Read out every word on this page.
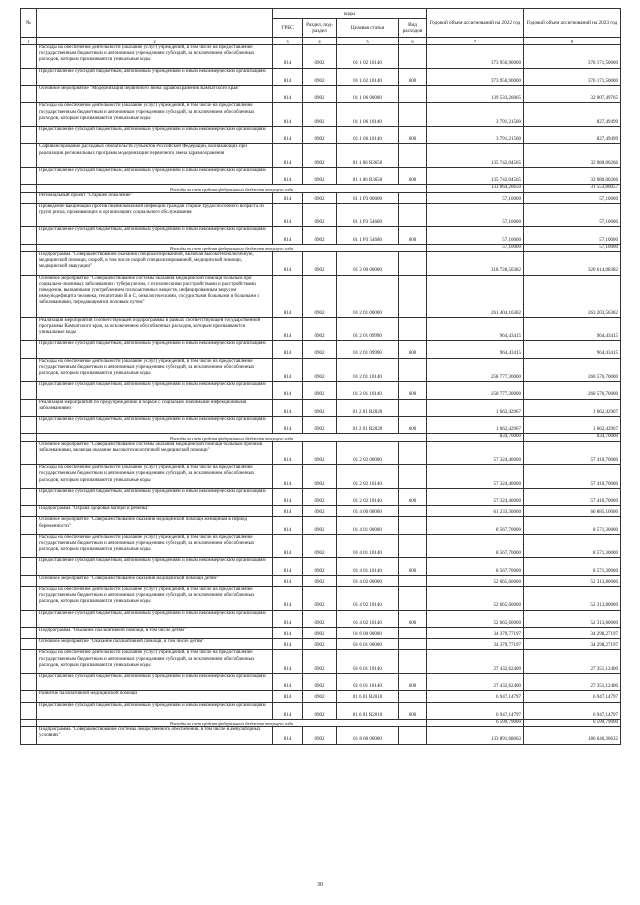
№		коды				Годовой объем ассигнований на 2022 год	Годовой объем ассигнований на 2023 год
		ГРБС	Раздел, под-раздел	Целевая статья	Вид расходов		
1	2	3	4	5	6	7	8
	Расходы на обеспечение деятельности (оказание услуг) учреждений, в том числе на предоставление государственным бюджетным и автономным учреждениям субсидий, за исключением обособленных расходов, которым присваиваются уникальные коды	814	0902	01 1 02 10140		373 956,90000	376 171,50000
	Предоставление субсидий бюджетным, автономным учреждениям и иным некоммерческим организациям	814	0902	01 1 02 10140	600	373 956,90000	376 171,50000
	Основное мероприятие "Модернизация первичного звена здравоохранения Камчатского края"	814	0902	01 1 06 00000		139 533,26065	32 907,49765
	Расходы на обеспечение деятельности (оказание услуг) учреждений, в том числе на предоставление государственным бюджетным и автономным учреждениям субсидий, за исключением обособленных расходов, которым присваиваются уникальные коды	814	0902	01 1 06 10140		3 791,21500	827,49499
	Предоставление субсидий бюджетным, автономным учреждениям и иным некоммерческим организациям	814	0902	01 1 06 10140	600	3 791,21500	827,49499
	Софинансирование расходных обязательств субъектов Российской Федерации, возникающих при реализации региональных программ модернизации первичного звена здравоохранения	814	0902	01 1 06 R3650		135 742,04565	32 080,00266
	Предоставление субсидий бюджетным, автономным учреждениям и иным некоммерческим организациям	814	0902	01 1 06 R3650	600	135 742,04565	32 080,00266
	Расходы за счет средств федерального бюджета текущего года					133 064,20650	31 553,80057
	Региональный проект "Старшее поколение"	814	0902	01 1 P3 00000		57,10000	57,10000
	Проведение вакцинации против пневмококковой инфекции граждан старше трудоспособного возраста из групп риска, проживающих в организациях социального обслуживания	814	0902	01 1 P3 54680		57,10000	57,10000
	Предоставление субсидий бюджетным, автономным учреждениям и иным некоммерческим организациям	814	0902	01 1 P3 54680	600	57,10000	57,10000
	Расходы за счет средств федерального бюджета текущего года					57,10000	57,10000
	Подпрограмма "Совершенствование оказания специализированной, включая высокотехнологичную, медицинской помощи, скорой, в том числе скорой специализированной, медицинской помощи, медицинской эвакуации"	814	0902	01 2 00 00000		318 728,56382	320 614,08382
	Основное мероприятие "Совершенствование системы оказания медицинской помощи больным при социально-значимых заболеваниях: туберкулезом, с психическими расстройствами и расстройствами поведения, вызванными употреблением психоактивных веществ, инфицированным вирусом иммунодефицита человека, гепатитами В и С, онкологическими, сосудистыми больными и больными с заболеваниями, передающимися половым путем"	814	0902	01 2 01 00000		261 404,16382	263 203,56382
	Реализация мероприятий соответствующей подпрограммы в рамках соответствующей государственной программы Камчатского края, за исключением обособленных расходов, которым присваиваются уникальные коды	814	0902	01 2 01 09990		964,43415	964,43415
	Предоставление субсидий бюджетным, автономным учреждениям и иным некоммерческим организациям	814	0902	01 2 01 09990	600	964,43415	964,43415
	Расходы на обеспечение деятельности (оказание услуг) учреждений, в том числе на предоставление государственным бюджетным и автономным учреждениям субсидий, за исключением обособленных расходов, которым присваиваются уникальные коды	814	0902	01 2 01 10140		258 777,30000	260 576,70000
	Предоставление субсидий бюджетным, автономным учреждениям и иным некоммерческим организациям	814	0902	01 2 01 10140	600	258 777,30000	260 576,70000
	Реализация мероприятий по предупреждению и борьбе с социально значимыми инфекционными заболеваниями	814	0902	01 2 01 R2020		1 662,42967	1 662,42967
	Предоставление субсидий бюджетным, автономным учреждениям и иным некоммерческим организациям	814	0902	01 2 01 R2020	600	1 662,42967	1 662,42967
	Расходы за счет средств федерального бюджета текущего года					834,70000	834,70000
	Основное мероприятие "Совершенствование системы оказания медицинской помощи больным прочими заболеваниями, включая оказание высокотехнологичной медицинской помощи"	814	0902	01 2 02 00000		57 324,40000	57 410,70000
	Расходы на обеспечение деятельности (оказание услуг) учреждений, в том числе на предоставление государственным бюджетным и автономным учреждениям субсидий, за исключением обособленных расходов, которым присваиваются уникальные коды	814	0902	01 2 02 10140		57 324,40000	57 410,70000
	Предоставление субсидий бюджетным, автономным учреждениям и иным некоммерческим организациям	814	0902	01 2 02 10140	600	57 324,40000	57 410,70000
	Подпрограмма "Охрана здоровья матери и ребенка"	814	0902	01 4 00 00000		61 233,30000	60 885,10000
	Основное мероприятие "Совершенствование оказания медицинской помощи женщинам в период беременности"	814	0902	01 4 01 00000		8 567,70000	8 571,30000
	Расходы на обеспечение деятельности (оказание услуг) учреждений, в том числе на предоставление государственным бюджетным и автономным учреждениям субсидий, за исключением обособленных расходов, которым присваиваются уникальные коды	814	0902	01 4 01 10140		8 567,70000	8 571,30000
	Предоставление субсидий бюджетным, автономным учреждениям и иным некоммерческим организациям	814	0902	01 4 01 10140	600	8 567,70000	8 571,30000
	Основное мероприятие "Совершенствование оказания медицинской помощи детям"	814	0902	01 4 02 00000		52 665,60000	52 313,80000
	Расходы на обеспечение деятельности (оказание услуг) учреждений, в том числе на предоставление государственным бюджетным и автономным учреждениям субсидий, за исключением обособленных расходов, которым присваиваются уникальные коды	814	0902	01 4 02 10140		52 665,60000	52 313,80000
	Предоставление субсидий бюджетным, автономным учреждениям и иным некоммерческим организациям	814	0902	01 4 02 10140	600	52 665,60000	52 313,80000
	Подпрограмма "Оказание паллиативной помощи, в том числе детям"	814	0902	01 6 00 00000		34 379,77197	34 298,27197
	Основное мероприятие "Оказание паллиативной помощи, в том числе детям"	814	0902	01 6 01 00000		34 379,77197	34 298,27197
	Расходы на обеспечение деятельности (оказание услуг) учреждений, в том числе на предоставление государственным бюджетным и автономным учреждениям субсидий, за исключением обособленных расходов, которым присваиваются уникальные коды	814	0902	01 6 01 10140		27 432,62400	27 351,12400
	Предоставление субсидий бюджетным, автономным учреждениям и иным некоммерческим организациям	814	0902	01 6 01 10140	600	27 432,62400	27 351,12400
	Развитие паллиативной медицинской помощи	814	0902	01 6 01 R2010		6 947,14797	6 947,14797
	Предоставление субсидий бюджетным, автономным учреждениям и иным некоммерческим организациям	814	0902	01 6 01 R2010	600	6 947,14797	6 947,14797
	Расходы за счет средств федерального бюджета текущего года					6 599,79000	6 599,79000
	Подпрограмма "Совершенствование системы лекарственного обеспечения, в том числе в амбулаторных условиях"	814	0902	01 8 00 00000		133 891,68063	186 646,30632
30
